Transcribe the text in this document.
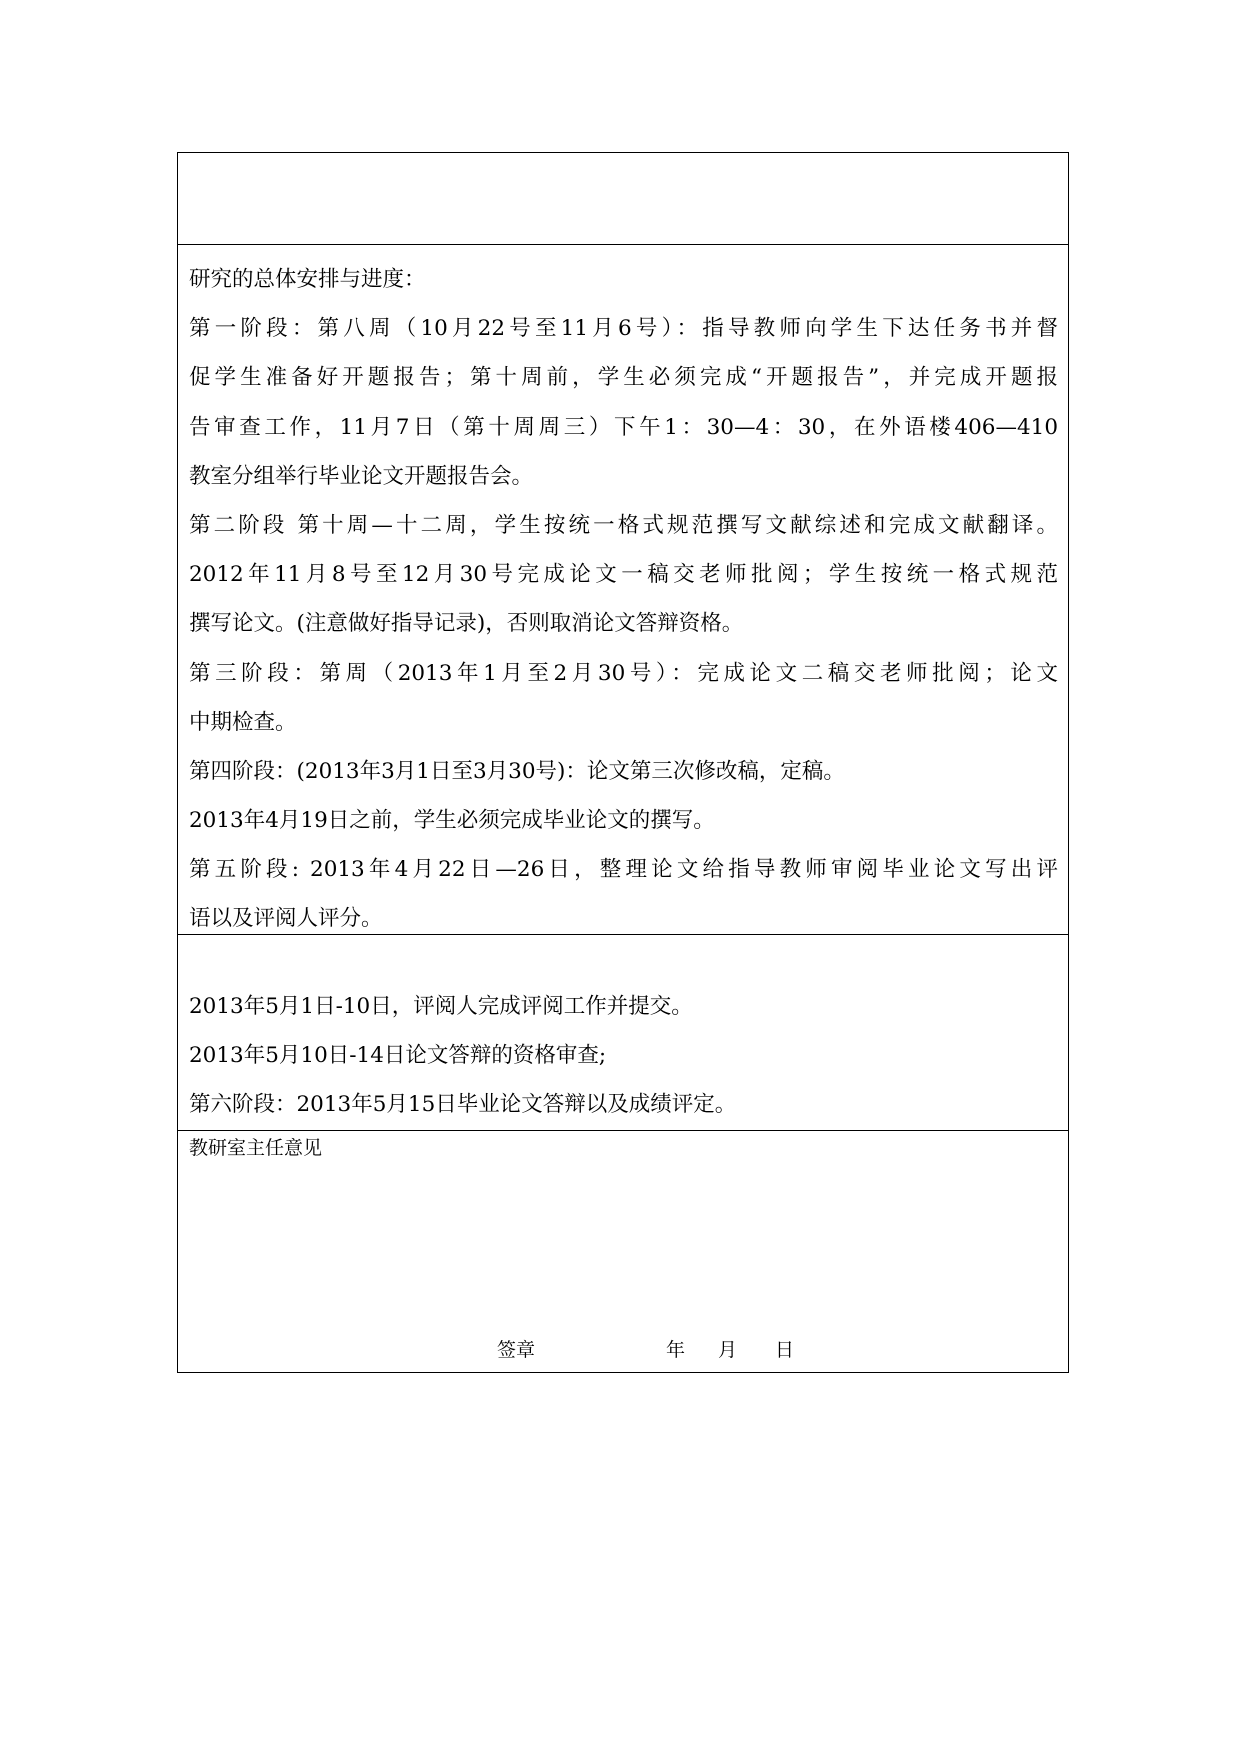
研究的总体安排与进度：
第一阶段：第八周（10月22号至11月6号）：指导教师向学生下达任务书并督
促学生准备好开题报告；第十周前，学生必须完成“开题报告”，并完成开题报
告审查工作，11月7日（第十周周三）下午1：30—4：30，在外语楼406—410
教室分组举行毕业论文开题报告会。
第二阶段 第十周—十二周，学生按统一格式规范撰写文献综述和完成文献翻译。
2012年11月8号至12月30号完成论文一稿交老师批阅；学生按统一格式规范
撰写论文。(注意做好指导记录)，否则取消论文答辩资格。
第三阶段：第周（2013年1月至2月30号）：完成论文二稿交老师批阅；论文
中期检查。
第四阶段：(2013年3月1日至3月30号)：论文第三次修改稿，定稿。
2013年4月19日之前，学生必须完成毕业论文的撰写。
第五阶段: 2013年4月22日—26日，整理论文给指导教师审阅毕业论文写出评
语以及评阅人评分。
2013年5月1日-10日，评阅人完成评阅工作并提交。
2013年5月10日-14日论文答辩的资格审查;
第六阶段：2013年5月15日毕业论文答辩以及成绩评定。
教研室主任意见
签章	年 月 日
